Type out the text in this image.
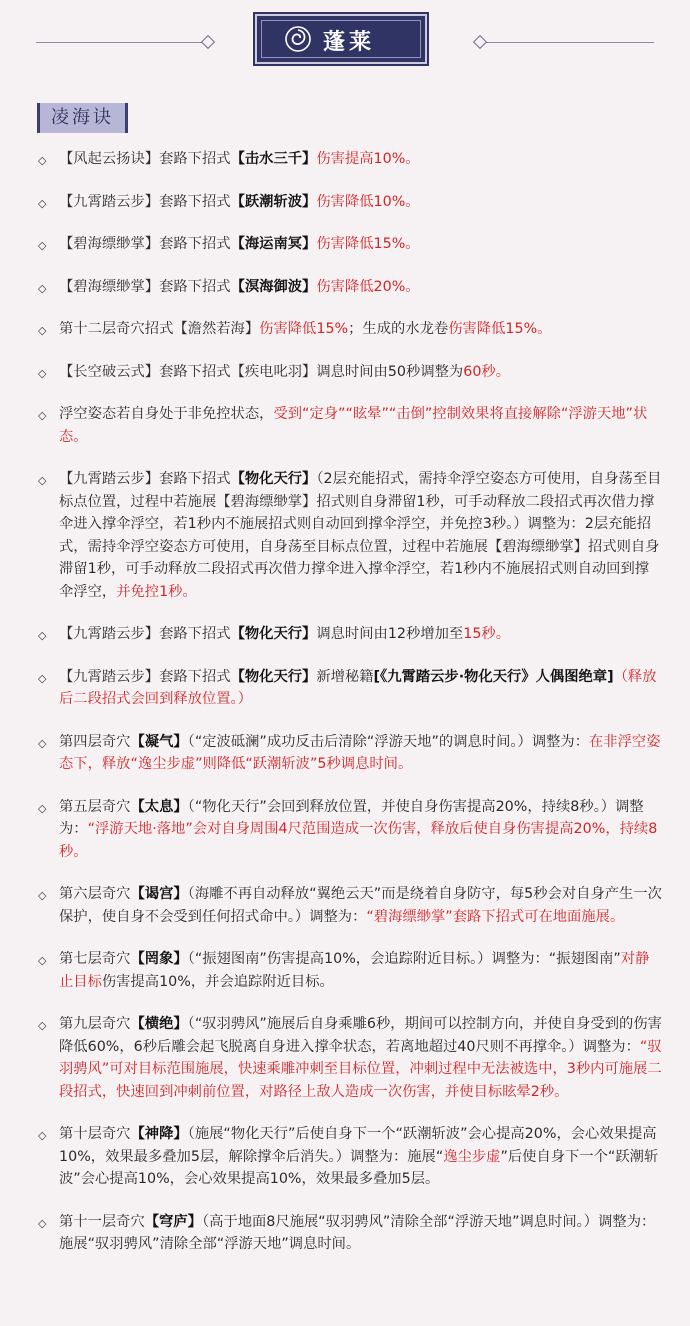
蓬莱
凌海诀
◇ 【风起云扬诀】套路下招式【击水三千】伤害提高10%。
◇ 【九霄踏云步】套路下招式【跃潮斩波】伤害降低10%。
◇ 【碧海缥缈掌】套路下招式【海运南冥】伤害降低15%。
◇ 【碧海缥缈掌】套路下招式【溟海御波】伤害降低20%。
◇ 第十二层奇穴招式【澹然若海】伤害降低15%；生成的水龙卷伤害降低15%。
◇ 【长空破云式】套路下招式【疾电叱羽】调息时间由50秒调整为60秒。
◇ 浮空姿态若自身处于非免控状态，受到“定身”“眩晕”“击倒”控制效果将直接解除“浮游天地”状态。
◇ 【九霄踏云步】套路下招式【物化天行】（2层充能招式，需持伞浮空姿态方可使用，自身荡至目标点位置，过程中若施展【碧海缥缈掌】招式则自身滞留1秒，可手动释放二段招式再次借力撑伞进入撑伞浮空，若1秒内不施展招式则自动回到撑伞浮空，并免控3秒。）调整为：2层充能招式，需持伞浮空姿态方可使用，自身荡至目标点位置，过程中若施展【碧海缥缈掌】招式则自身滞留1秒，可手动释放二段招式再次借力撑伞进入撑伞浮空，若1秒内不施展招式则自动回到撑伞浮空，并免控1秒。
◇ 【九霄踏云步】套路下招式【物化天行】调息时间由12秒增加至15秒。
◇ 【九霄踏云步】套路下招式【物化天行】新增秘籍[《九霄踏云步·物化天行》人偶图绝章]（释放后二段招式会回到释放位置。）
◇ 第四层奇穴【凝气】（“定波砥澜”成功反击后清除“浮游天地”的调息时间。）调整为：在非浮空姿态下，释放“逸尘步虚”则降低“跃潮斩波”5秒调息时间。
◇ 第五层奇穴【太息】（“物化天行”会回到释放位置，并使自身伤害提高20%，持续8秒。）调整为：“浮游天地·落地”会对自身周围4尺范围造成一次伤害，释放后使自身伤害提高20%，持续8秒。
◇ 第六层奇穴【谒宫】（海雕不再自动释放“翼绝云天”而是绕着自身防守，每5秒会对自身产生一次保护，使自身不会受到任何招式命中。）调整为：“碧海缥缈掌”套路下招式可在地面施展。
◇ 第七层奇穴【罔象】（“振翅图南”伤害提高10%，会追踪附近目标。）调整为：“振翅图南”对静止目标伤害提高10%，并会追踪附近目标。
◇ 第九层奇穴【横绝】（“驭羽骋风”施展后自身乘雕6秒，期间可以控制方向，并使自身受到的伤害降低60%，6秒后雕会起飞脱离自身进入撑伞状态，若离地超过40尺则不再撑伞。）调整为：“驭羽骋风”可对目标范围施展，快速乘雕冲刺至目标位置，冲刺过程中无法被选中，3秒内可施展二段招式，快速回到冲刺前位置，对路径上敌人造成一次伤害，并使目标眩晕2秒。
◇ 第十层奇穴【神降】（施展“物化天行”后使自身下一个“跃潮斩波”会心提高20%，会心效果提高10%，效果最多叠加5层，解除撑伞后消失。）调整为：施展“逸尘步虚”后使自身下一个“跃潮斩波”会心提高10%，会心效果提高10%，效果最多叠加5层。
◇ 第十一层奇穴【穹庐】（高于地面8尺施展“驭羽骋风”清除全部“浮游天地”调息时间。）调整为：施展“驭羽骋风”清除全部“浮游天地”调息时间。
